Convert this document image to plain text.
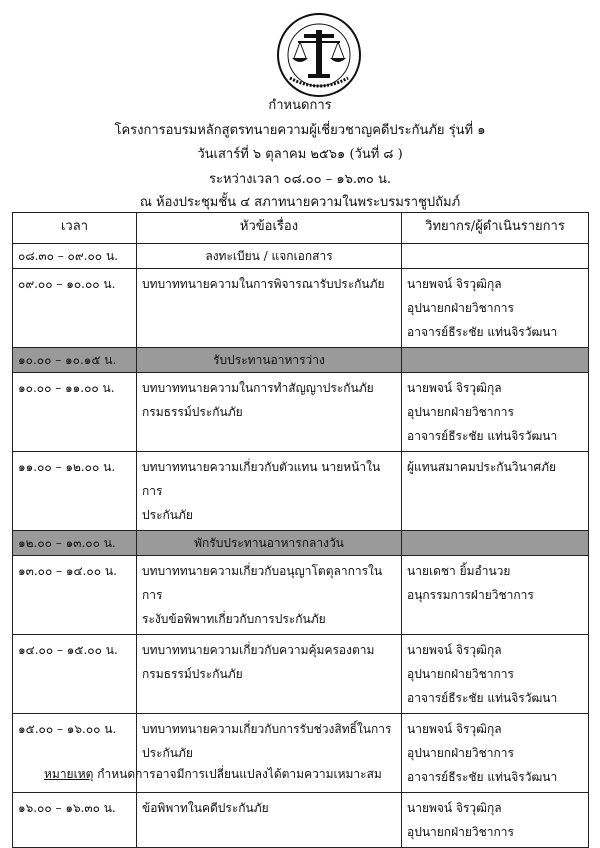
กำหนดการ
โครงการอบรมหลักสูตรทนายความผู้เชี่ยวชาญคดีประกันภัย รุ่นที่ ๑
วันเสาร์ที่ ๖ ตุลาคม ๒๕๖๑ (วันที่ ๘ )
ระหว่างเวลา ๐๘.๐๐ – ๑๖.๓๐ น.
ณ ห้องประชุมชั้น ๔ สภาทนายความในพระบรมราชูปถัมภ์
เวลา	หัวข้อเรื่อง	วิทยากร/ผู้ดำเนินรายการ
๐๘.๓๐ – ๐๙.๐๐ น.	ลงทะเบียน / แจกเอกสาร	

๐๙.๐๐ – ๑๐.๐๐ น.	บทบาททนายความในการพิจารณารับประกันภัย	นายพจน์ จิรวุฒิกุล
อุปนายกฝ่ายวิชาการ
อาจารย์ธีระชัย แท่นจิรวัฒนา

๑๐.๐๐ – ๑๐.๑๕ น.	รับประทานอาหารว่าง	

๑๐.๐๐ – ๑๑.๐๐ น.	บทบาททนายความในการทำสัญญาประกันภัย
กรมธรรม์ประกันภัย	นายพจน์ จิรวุฒิกุล
อุปนายกฝ่ายวิชาการ
อาจารย์ธีระชัย แท่นจิรวัฒนา

๑๑.๐๐ – ๑๒.๐๐ น.	บทบาททนายความเกี่ยวกับตัวแทน นายหน้าในการ
ประกันภัย	ผู้แทนสมาคมประกันวินาศภัย

๑๒.๐๐ – ๑๓.๐๐ น.	พักรับประทานอาหารกลางวัน	

๑๓.๐๐ – ๑๔.๐๐ น.	บทบาททนายความเกี่ยวกับอนุญาโตตุลาการในการ
ระงับข้อพิพาทเกี่ยวกับการประกันภัย	นายเดชา ยิ้มอำนวย
อนุกรรมการฝ่ายวิชาการ

๑๔.๐๐ – ๑๕.๐๐ น.	บทบาททนายความเกี่ยวกับความคุ้มครองตาม
กรมธรรม์ประกันภัย	นายพจน์ จิรวุฒิกุล
อุปนายกฝ่ายวิชาการ
อาจารย์ธีระชัย แท่นจิรวัฒนา

๑๕.๐๐ – ๑๖.๐๐ น.	บทบาททนายความเกี่ยวกับการรับช่วงสิทธิ์ในการ
ประกันภัย	นายพจน์ จิรวุฒิกุล
อุปนายกฝ่ายวิชาการ
อาจารย์ธีระชัย แท่นจิรวัฒนา

๑๖.๐๐ – ๑๖.๓๐ น.	ข้อพิพาทในคดีประกันภัย	นายพจน์ จิรวุฒิกุล
อุปนายกฝ่ายวิชาการ
หมายเหตุ กำหนดการอาจมีการเปลี่ยนแปลงได้ตามความเหมาะสม
